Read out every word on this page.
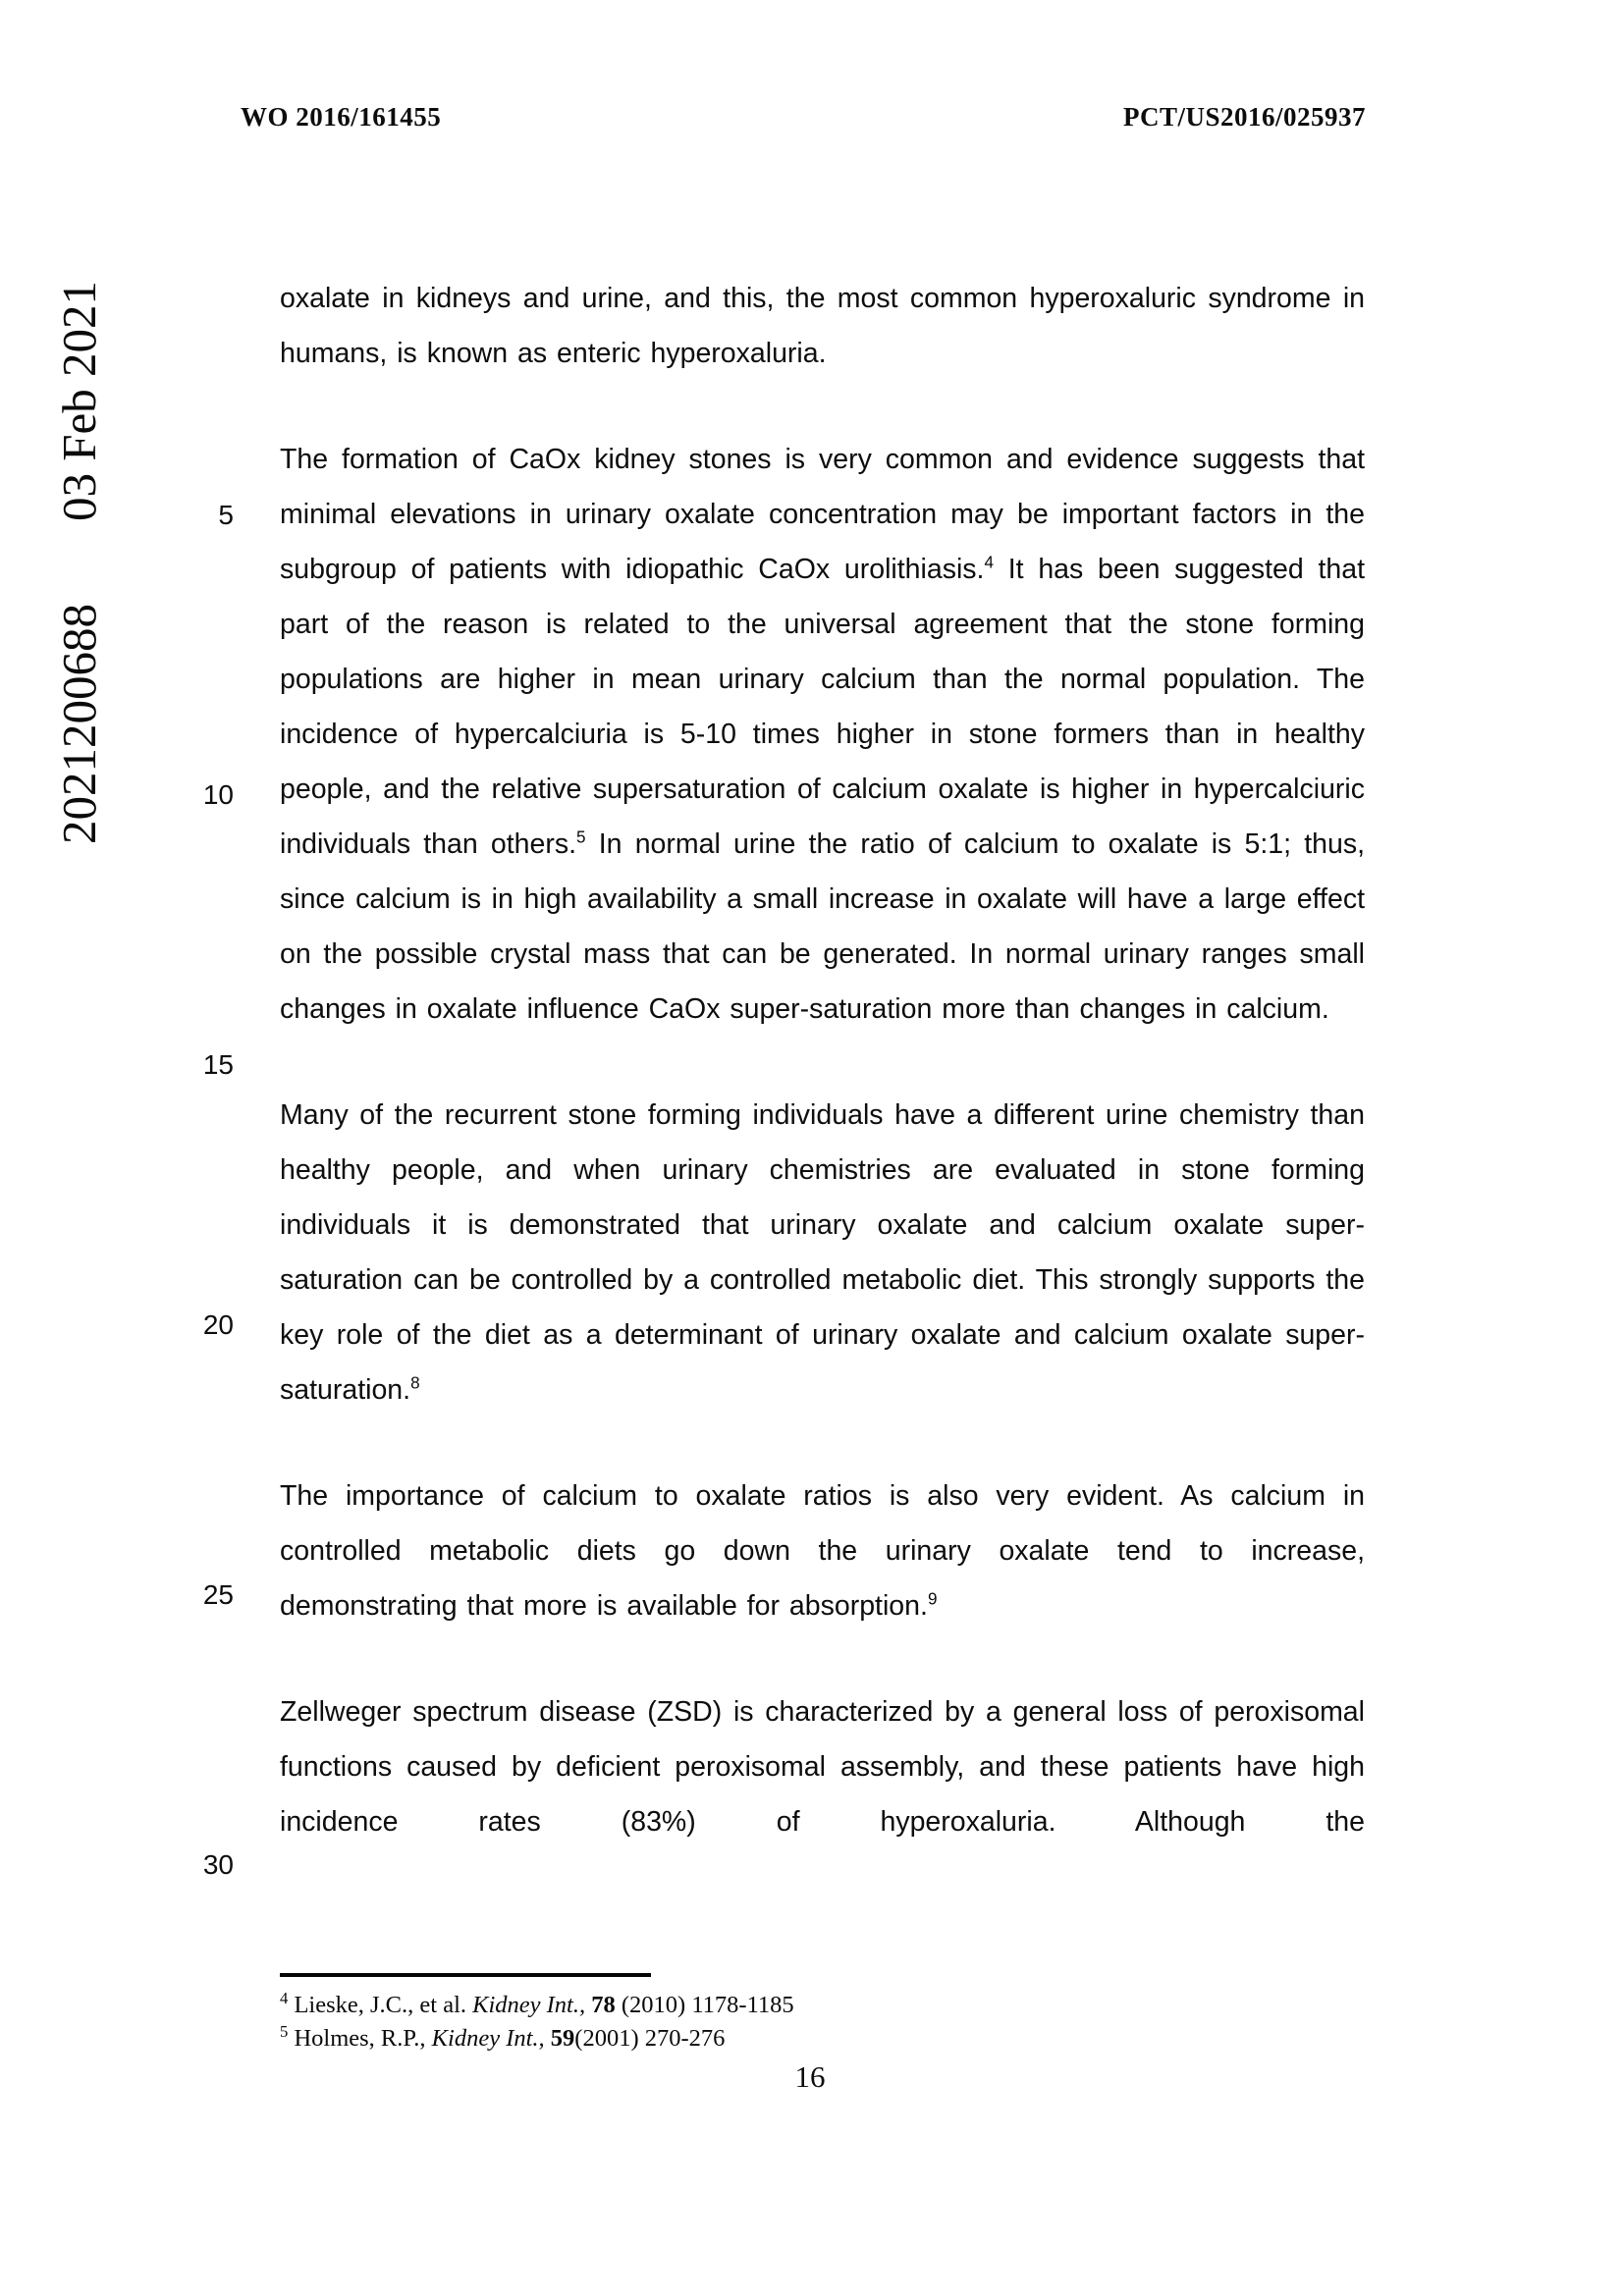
WO 2016/161455	PCT/US2016/025937
2021200688
03 Feb 2021	5
10
15
20
25
30

oxalate in kidneys and urine, and this, the most common hyperoxaluric syndrome in humans, is known as enteric hyperoxaluria.

The formation of CaOx kidney stones is very common and evidence suggests that minimal elevations in urinary oxalate concentration may be important factors in the subgroup of patients with idiopathic CaOx urolithiasis.$^4$ It has been suggested that part of the reason is related to the universal agreement that the stone forming populations are higher in mean urinary calcium than the normal population. The incidence of hypercalciuria is 5-10 times higher in stone formers than in healthy people, and the relative supersaturation of calcium oxalate is higher in hypercalciuric individuals than others.$^5$ In normal urine the ratio of calcium to oxalate is 5:1; thus, since calcium is in high availability a small increase in oxalate will have a large effect on the possible crystal mass that can be generated. In normal urinary ranges small changes in oxalate influence CaOx super-saturation more than changes in calcium.

Many of the recurrent stone forming individuals have a different urine chemistry than healthy people, and when urinary chemistries are evaluated in stone forming individuals it is demonstrated that urinary oxalate and calcium oxalate super-saturation can be controlled by a controlled metabolic diet. This strongly supports the key role of the diet as a determinant of urinary oxalate and calcium oxalate super-saturation.$^8$

The importance of calcium to oxalate ratios is also very evident. As calcium in controlled metabolic diets go down the urinary oxalate tend to increase, demonstrating that more is available for absorption.$^9$

Zellweger spectrum disease (ZSD) is characterized by a general loss of peroxisomal functions caused by deficient peroxisomal assembly, and these patients have high incidence rates (83%) of hyperoxaluria. Although the

$^4$ Lieske, J.C., et al. Kidney Int., 78 (2010) 1178-1185
$^5$ Holmes, R.P., Kidney Int., 59(2001) 270-276
16
